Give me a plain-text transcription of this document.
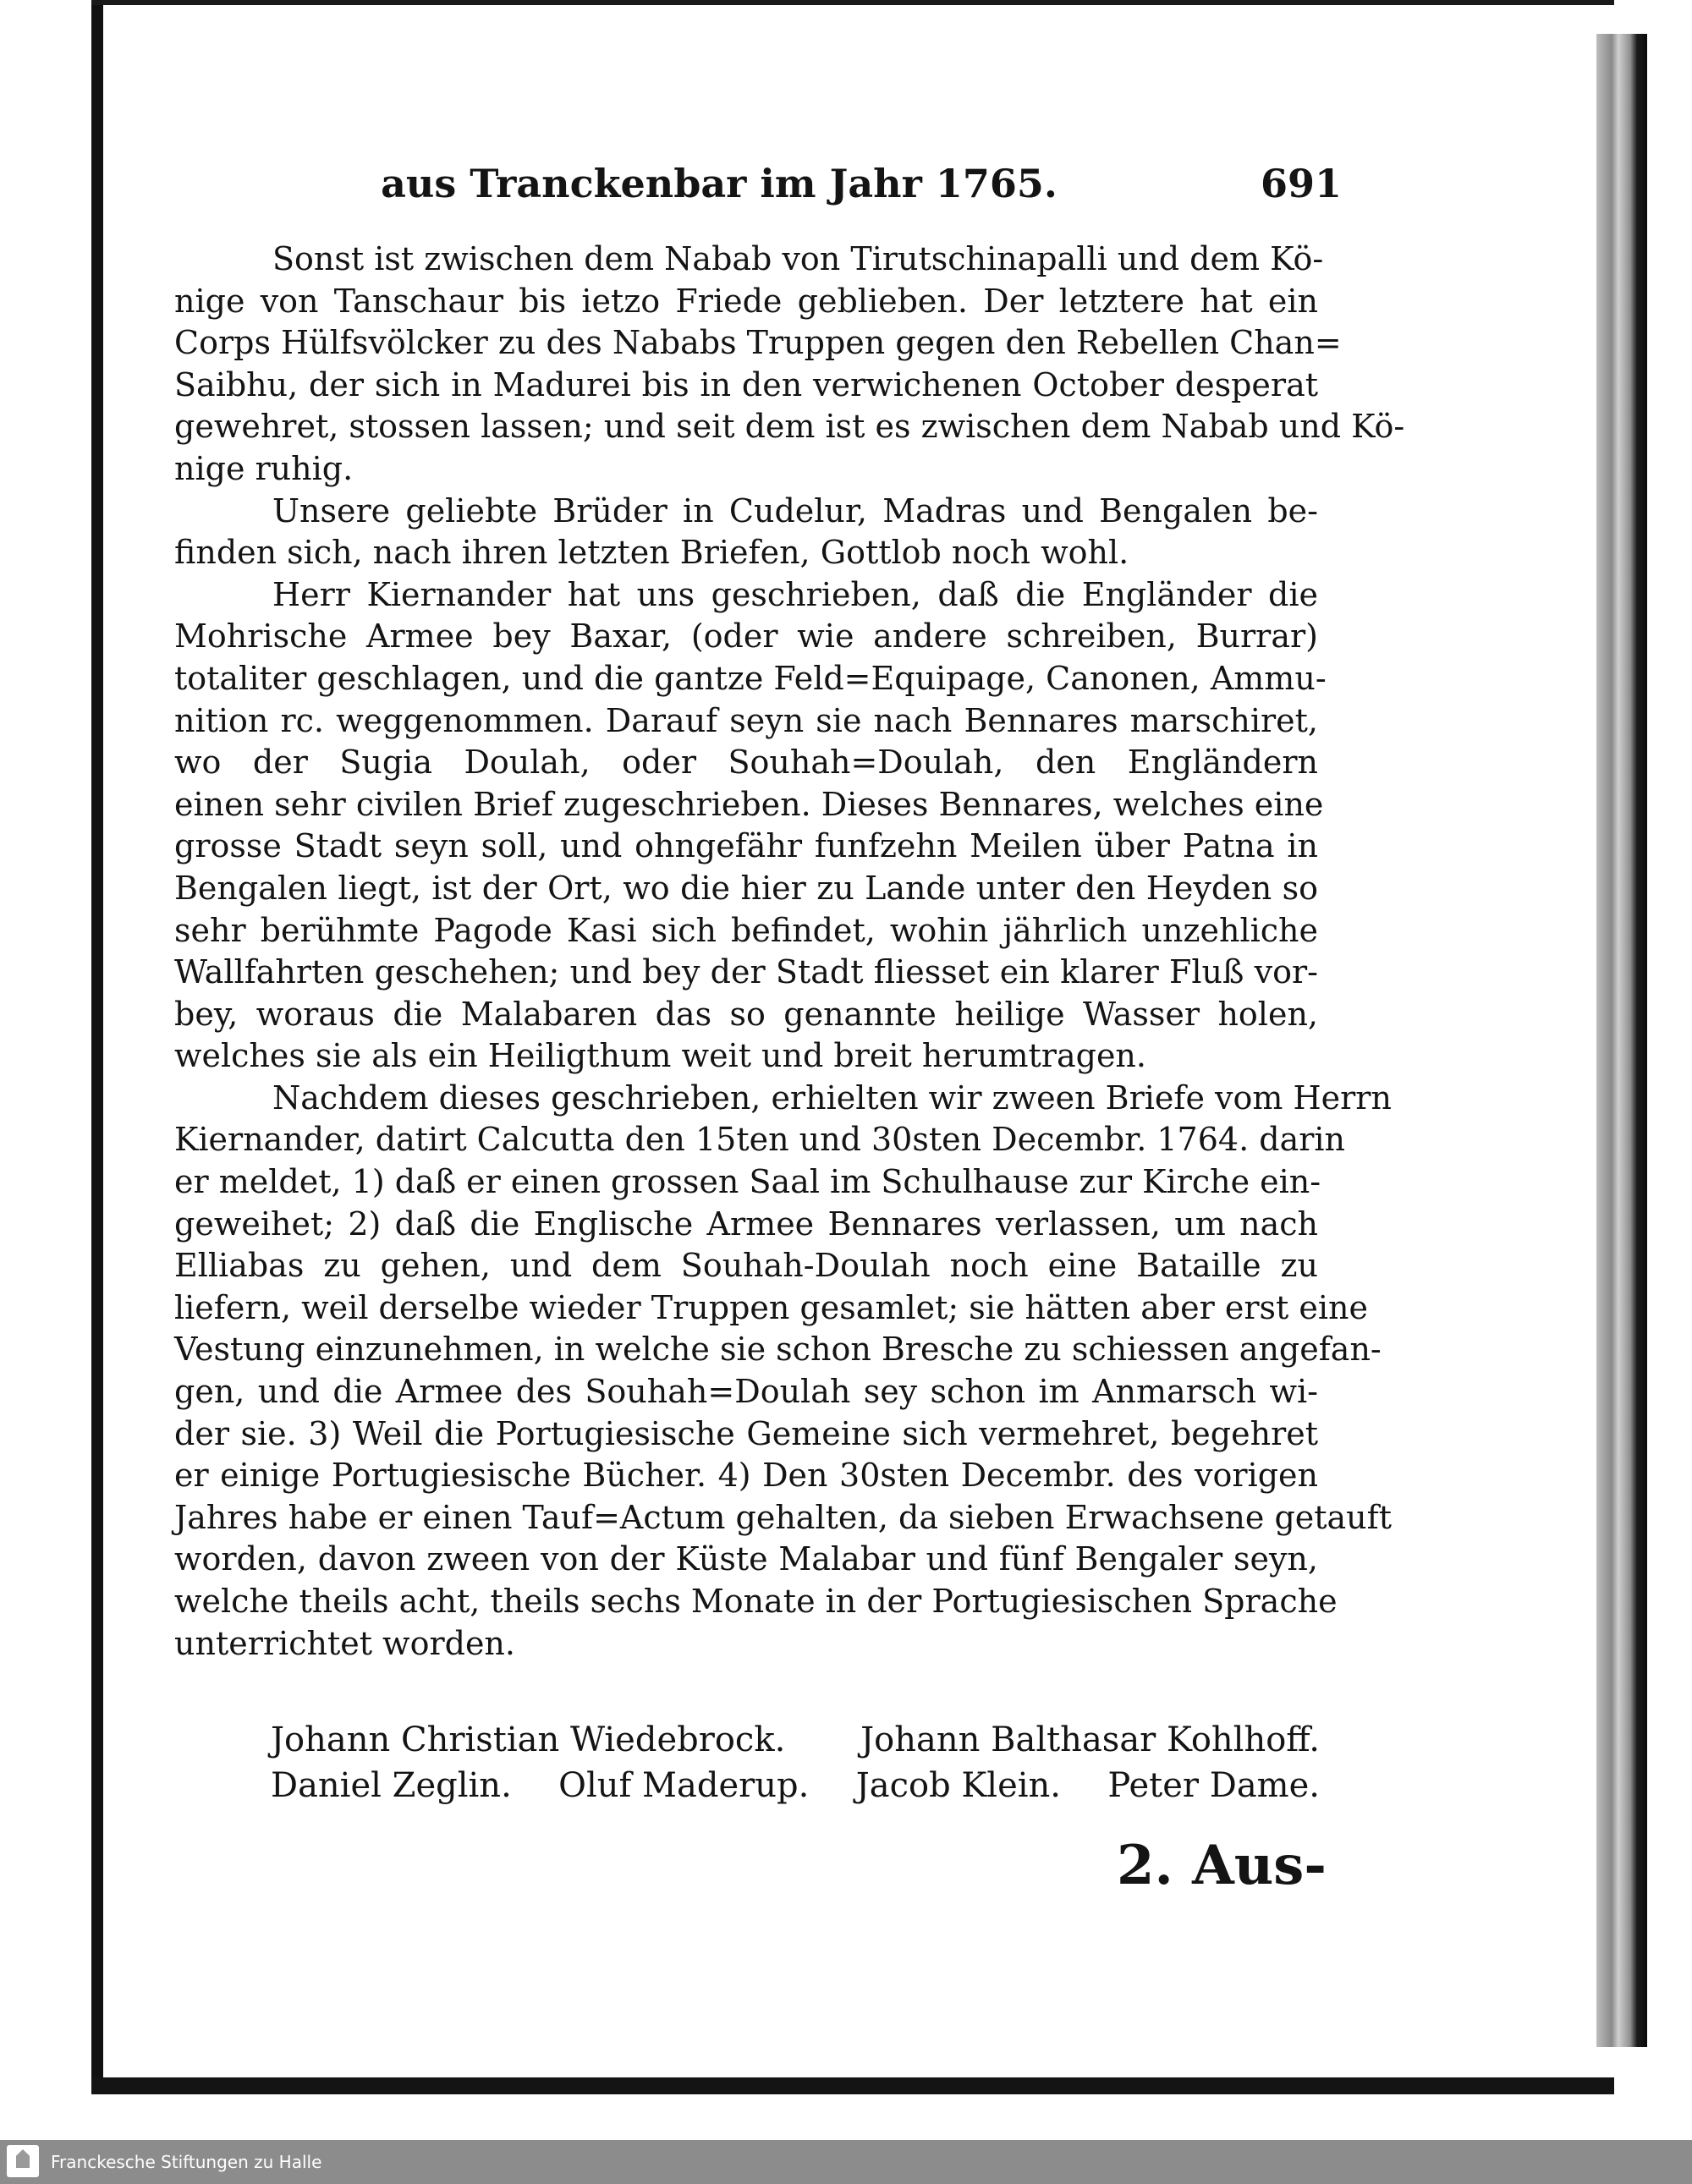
aus Tranckenbar im Jahr 1765.	691
Sonst ist zwischen dem Nabab von Tirutschinapalli und dem Kö-
nige von Tanschaur bis ietzo Friede geblieben. Der letztere hat ein
Corps Hülfsvölcker zu des Nababs Truppen gegen den Rebellen Chan=
Saibhu, der sich in Madurei bis in den verwichenen October desperat
gewehret, stossen lassen; und seit dem ist es zwischen dem Nabab und Kö-
nige ruhig.
Unsere geliebte Brüder in Cudelur, Madras und Bengalen be-
finden sich, nach ihren letzten Briefen, Gottlob noch wohl.
Herr Kiernander hat uns geschrieben, daß die Engländer die
Mohrische Armee bey Baxar, (oder wie andere schreiben, Burrar)
totaliter geschlagen, und die gantze Feld=Equipage, Canonen, Ammu-
nition rc. weggenommen. Darauf seyn sie nach Bennares marschiret,
wo der Sugia Doulah, oder Souhah=Doulah, den Engländern
einen sehr civilen Brief zugeschrieben. Dieses Bennares, welches eine
grosse Stadt seyn soll, und ohngefähr funfzehn Meilen über Patna in
Bengalen liegt, ist der Ort, wo die hier zu Lande unter den Heyden so
sehr berühmte Pagode Kasi sich befindet, wohin jährlich unzehliche
Wallfahrten geschehen; und bey der Stadt fliesset ein klarer Fluß vor-
bey, woraus die Malabaren das so genannte heilige Wasser holen,
welches sie als ein Heiligthum weit und breit herumtragen.
Nachdem dieses geschrieben, erhielten wir zween Briefe vom Herrn
Kiernander, datirt Calcutta den 15ten und 30sten Decembr. 1764. darin
er meldet, 1) daß er einen grossen Saal im Schulhause zur Kirche ein-
geweihet; 2) daß die Englische Armee Bennares verlassen, um nach
Elliabas zu gehen, und dem Souhah-Doulah noch eine Bataille zu
liefern, weil derselbe wieder Truppen gesamlet; sie hätten aber erst eine
Vestung einzunehmen, in welche sie schon Bresche zu schiessen angefan-
gen, und die Armee des Souhah=Doulah sey schon im Anmarsch wi-
der sie. 3) Weil die Portugiesische Gemeine sich vermehret, begehret
er einige Portugiesische Bücher. 4) Den 30sten Decembr. des vorigen
Jahres habe er einen Tauf=Actum gehalten, da sieben Erwachsene getauft
worden, davon zween von der Küste Malabar und fünf Bengaler seyn,
welche theils acht, theils sechs Monate in der Portugiesischen Sprache
unterrichtet worden.
Johann Christian Wiedebrock. Johann Balthasar Kohlhoff.
Daniel Zeglin. Oluf Maderup. Jacob Klein. Peter Dame.
2. Aus-
Franckesche Stiftungen zu Halle
